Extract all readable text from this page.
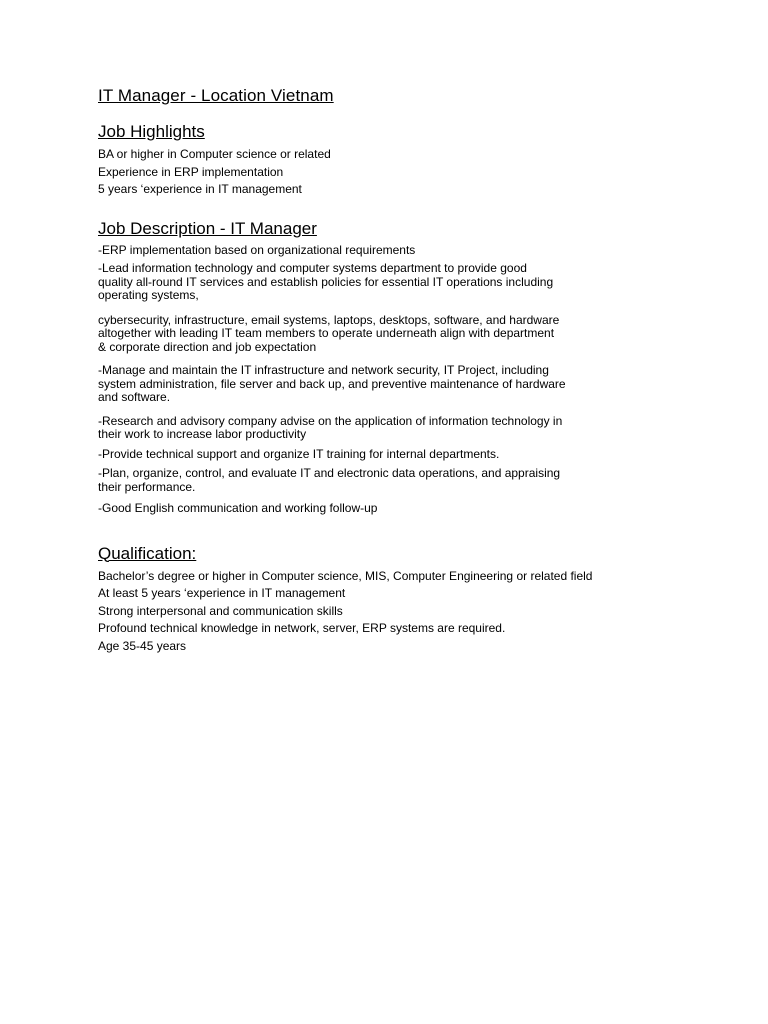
IT Manager - Location Vietnam
Job Highlights
BA or higher in Computer science or related
Experience in ERP implementation
5 years ‘experience in IT management
Job Description - IT Manager
-ERP implementation based on organizational requirements
-Lead information technology and computer systems department to provide good
quality all-round IT services and establish policies for essential IT operations including
operating systems,
cybersecurity, infrastructure, email systems, laptops, desktops, software, and hardware
altogether with leading IT team members to operate underneath align with department
& corporate direction and job expectation
-Manage and maintain the IT infrastructure and network security, IT Project, including
system administration, file server and back up, and preventive maintenance of hardware
and software.
-Research and advisory company advise on the application of information technology in
their work to increase labor productivity
-Provide technical support and organize IT training for internal departments.
-Plan, organize, control, and evaluate IT and electronic data operations, and appraising
their performance.
-Good English communication and working follow-up
Qualification:
Bachelor’s degree or higher in Computer science, MIS, Computer Engineering or related field
At least 5 years ‘experience in IT management
Strong interpersonal and communication skills
Profound technical knowledge in network, server, ERP systems are required.
Age 35-45 years
